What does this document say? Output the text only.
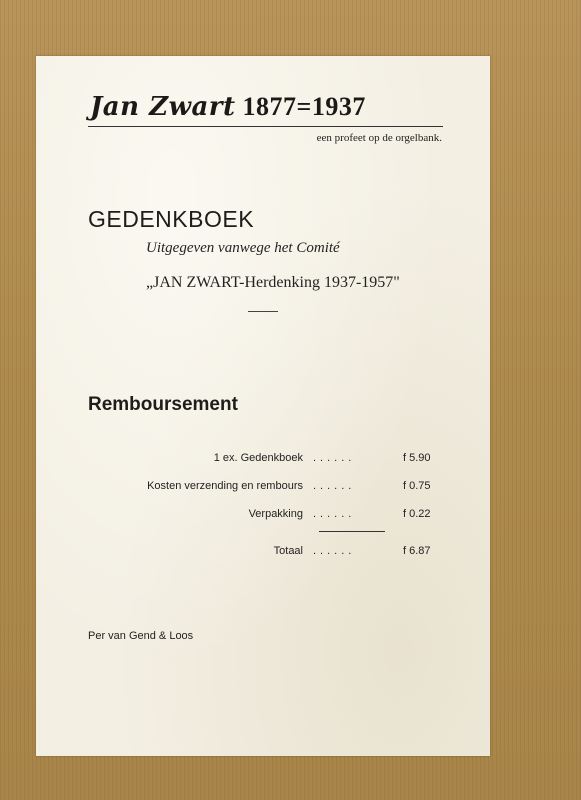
Jan Zwart 1877=1937
een profeet op de orgelbank.
GEDENKBOEK
Uitgegeven vanwege het Comité
„JAN ZWART-Herdenking 1937-1957"
Remboursement
1 ex. Gedenkboek ......	f 5.90
Kosten verzending en rembours ......	f 0.75
Verpakking ......	f 0.22
Totaal ......	f 6.87
Per van Gend & Loos
